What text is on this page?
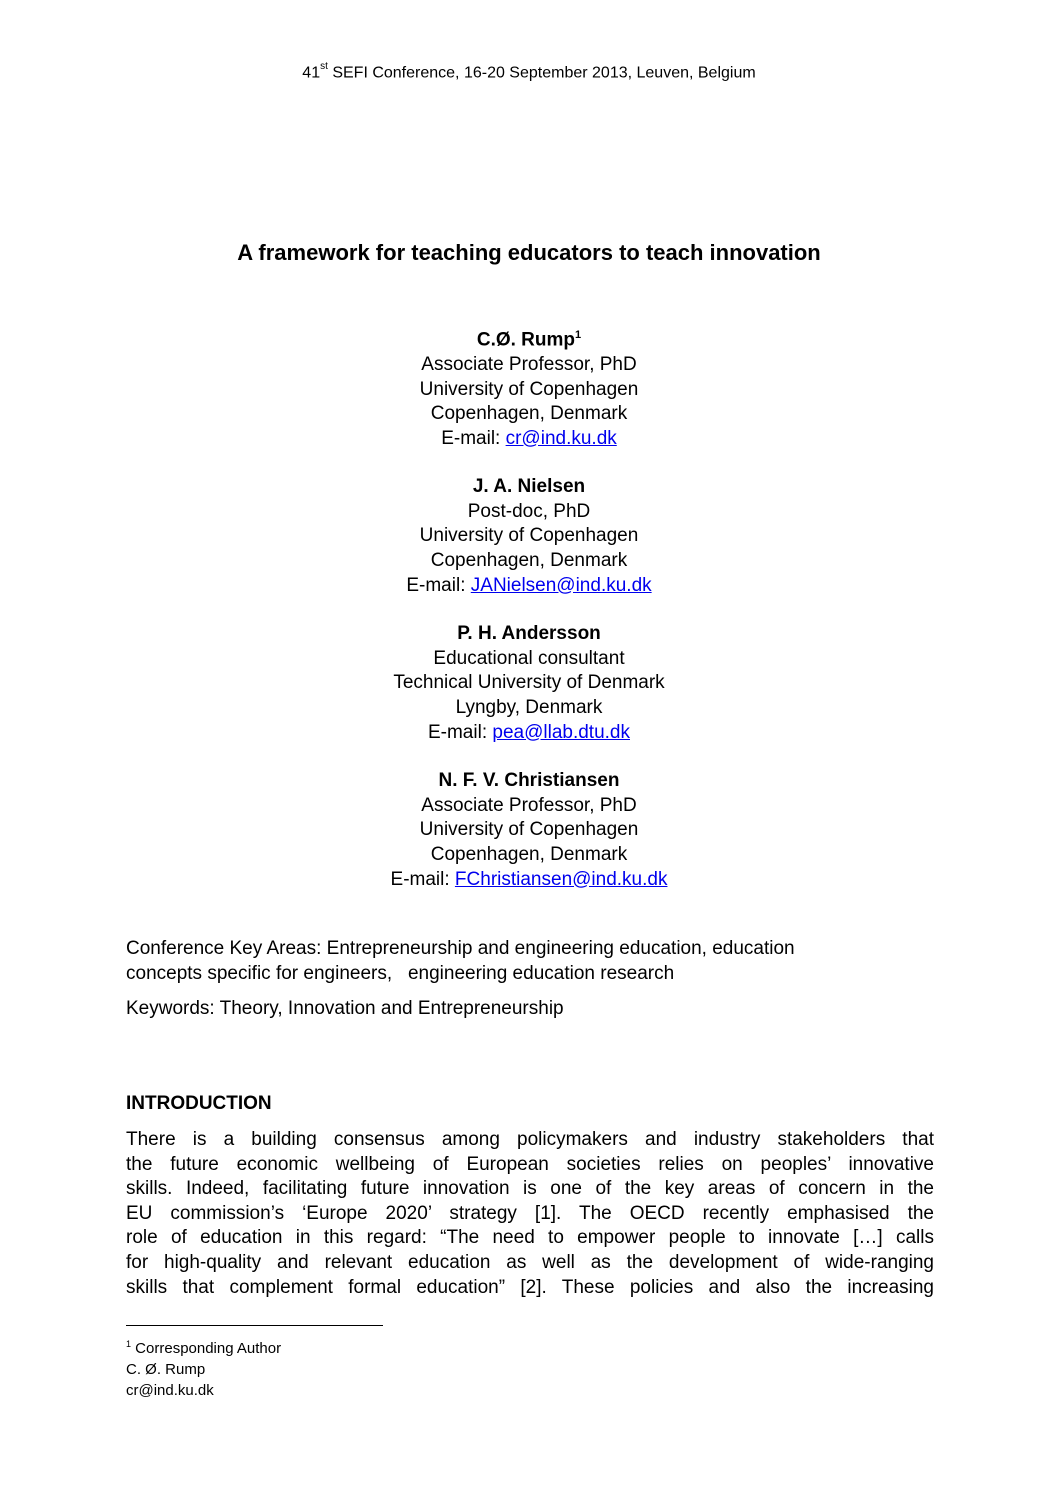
41st SEFI Conference, 16-20 September 2013, Leuven, Belgium
A framework for teaching educators to teach innovation
C.Ø. Rump$^1$
Associate Professor, PhD
University of Copenhagen
Copenhagen, Denmark
E-mail: cr@ind.ku.dk
J. A. Nielsen
Post-doc, PhD
University of Copenhagen
Copenhagen, Denmark
E-mail: JANielsen@ind.ku.dk
P. H. Andersson
Educational consultant
Technical University of Denmark
Lyngby, Denmark
E-mail: pea@llab.dtu.dk
N. F. V. Christiansen
Associate Professor, PhD
University of Copenhagen
Copenhagen, Denmark
E-mail: FChristiansen@ind.ku.dk
Conference Key Areas: Entrepreneurship and engineering education, education
concepts specific for engineers,   engineering education research
Keywords: Theory, Innovation and Entrepreneurship
INTRODUCTION
There is a building consensus among policymakers and industry stakeholders that
the future economic wellbeing of European societies relies on peoples’ innovative
skills. Indeed, facilitating future innovation is one of the key areas of concern in the
EU commission’s ‘Europe 2020’ strategy [1]. The OECD recently emphasised the
role of education in this regard: “The need to empower people to innovate […] calls
for high-quality and relevant education as well as the development of wide-ranging
skills that complement formal education” [2]. These policies and also the increasing
$^1$ Corresponding Author
C. Ø. Rump
cr@ind.ku.dk
